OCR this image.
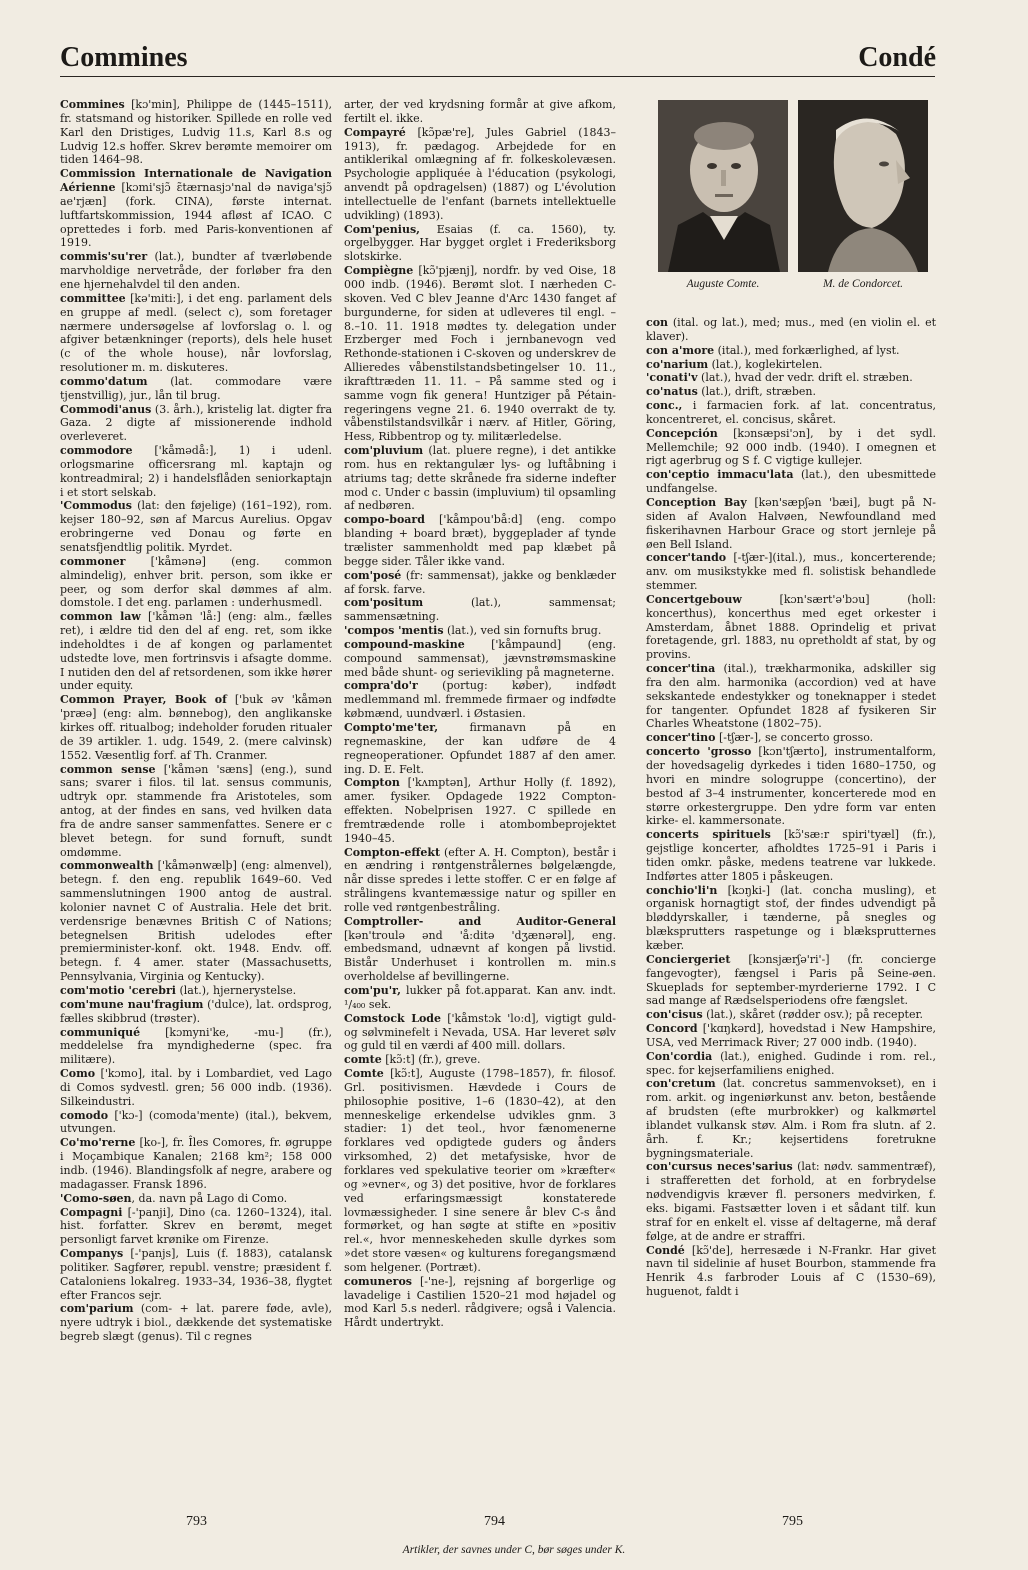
Commines	Condé

Commines [kɔ'min], Philippe de (1445–1511), fr. statsmand og historiker. Spillede en rolle ved Karl den Dristiges, Ludvig 11.s, Karl 8.s og Ludvig 12.s hoffer. Skrev berømte memoirer om tiden 1464–98.

Commission Internationale de Navigation Aérienne [kɔmi'sjɔ̃ ɛ̃tærnasjɔ'nal də naviga'sjɔ̃ ae'rjæn] (fork. CINA), første internat. luftfartskommission, 1944 afløst af ICAO. C oprettedes i forb. med Paris-konventionen af 1919.

commis'su'rer (lat.), bundter af tværløbende marvholdige nervetråde, der forløber fra den ene hjernehalvdel til den anden.

committee [kə'miti:], i det eng. parlament dels en gruppe af medl. (select c), som foretager nærmere undersøgelse af lovforslag o. l. og afgiver betænkninger (reports), dels hele huset (c of the whole house), når lovforslag, resolutioner m. m. diskuteres.

commo'datum (lat. commodare være tjenstvillig), jur., lån til brug.

Commodi'anus (3. årh.), kristelig lat. digter fra Gaza. 2 digte af missionerende indhold overleveret.

commodore ['kåmədå:], 1) i udenl. orlogsmarine officersrang ml. kaptajn og kontreadmiral; 2) i handelsflåden seniorkaptajn i et stort selskab.

'Commodus (lat: den føjelige) (161–192), rom. kejser 180–92, søn af Marcus Aurelius. Opgav erobringerne ved Donau og førte en senatsfjendtlig politik. Myrdet.

commoner ['kåmənə] (eng. common almindelig), enhver brit. person, som ikke er peer, og som derfor skal dømmes af alm. domstole. I det eng. parlamen : underhusmedl.

common law ['kåmən 'lå:] (eng: alm., fælles ret), i ældre tid den del af eng. ret, som ikke indeholdtes i de af kongen og parlamentet udstedte love, men fortrinsvis i afsagte domme. I nutiden den del af retsordenen, som ikke hører under equity.

Common Prayer, Book of ['buk əv 'kåmən 'præə] (eng: alm. bønnebog), den anglikanske kirkes off. ritualbog; indeholder foruden ritualer de 39 artikler. 1. udg. 1549, 2. (mere calvinsk) 1552. Væsentlig forf. af Th. Cranmer.

common sense ['kåmən 'sæns] (eng.), sund sans; svarer i filos. til lat. sensus communis, udtryk opr. stammende fra Aristoteles, som antog, at der findes en sans, ved hvilken data fra de andre sanser sammenfattes. Senere er c blevet betegn. for sund fornuft, sundt omdømme.

commonwealth ['kåmənwælþ] (eng: almenvel), betegn. f. den eng. republik 1649–60. Ved sammenslutningen 1900 antog de austral. kolonier navnet C of Australia. Hele det brit. verdensrige benævnes British C of Nations; betegnelsen British udelodes efter premierminister-konf. okt. 1948. Endv. off. betegn. f. 4 amer. stater (Massachusetts, Pennsylvania, Virginia og Kentucky).

com'motio 'cerebri (lat.), hjernerystelse.

com'mune nau'fragium ('dulce), lat. ordsprog, fælles skibbrud (trøster).

communiqué [kɔmyni'ke, -mu-] (fr.), meddelelse fra myndighederne (spec. fra militære).

Como ['kɔmo], ital. by i Lombardiet, ved Lago di Comos sydvestl. gren; 56 000 indb. (1936). Silkeindustri.

comodo ['kɔ-] (comoda'mente) (ital.), bekvem, utvungen.

Co'mo'rerne [ko-], fr. Îles Comores, fr. øgruppe i Moçambique Kanalen; 2168 km²; 158 000 indb. (1946). Blandingsfolk af negre, arabere og madagasser. Fransk 1896.

'Como-søen, da. navn på Lago di Como.

Compagni [-'panji], Dino (ca. 1260–1324), ital. hist. forfatter. Skrev en berømt, meget personligt farvet krønike om Firenze.

Companys [-'panjs], Luis (f. 1883), catalansk politiker. Sagfører, republ. venstre; præsident f. Cataloniens lokalreg. 1933–34, 1936–38, flygtet efter Francos sejr.

com'parium (com- + lat. parere føde, avle), nyere udtryk i biol., dækkende det systematiske begreb slægt (genus). Til c regnes

arter, der ved krydsning formår at give afkom, fertilt el. ikke.

Compayré [kɔ̃pæ're], Jules Gabriel (1843–1913), fr. pædagog. Arbejdede for en antiklerikal omlægning af fr. folkeskolevæsen. Psychologie appliquée à l'éducation (psykologi, anvendt på opdragelsen) (1887) og L'évolution intellectuelle de l'enfant (barnets intellektuelle udvikling) (1893).

Com'penius, Esaias (f. ca. 1560), ty. orgelbygger. Har bygget orglet i Frederiksborg slotskirke.

Compiègne [kɔ̃'pjænj], nordfr. by ved Oise, 18 000 indb. (1946). Berømt slot. I nærheden C-skoven. Ved C blev Jeanne d'Arc 1430 fanget af burgunderne, for siden at udleveres til engl. – 8.–10. 11. 1918 mødtes ty. delegation under Erzberger med Foch i jernbanevogn ved Rethonde-stationen i C-skoven og underskrev de Allieredes våbenstilstandsbetingelser 10. 11., ikrafttræden 11. 11. – På samme sted og i samme vogn fik genera! Huntziger på Pétain-regeringens vegne 21. 6. 1940 overrakt de ty. våbenstilstandsvilkår i nærv. af Hitler, Göring, Hess, Ribbentrop og ty. militærledelse.

com'pluvium (lat. pluere regne), i det antikke rom. hus en rektangulær lys- og luftåbning i atriums tag; dette skrånede fra siderne indefter mod c. Under c bassin (impluvium) til opsamling af nedbøren.

compo-board ['kåmpou'bå:d] (eng. compo blanding + board bræt), byggeplader af tynde trælister sammenholdt med pap klæbet på begge sider. Tåler ikke vand.

com'posé (fr: sammensat), jakke og benklæder af forsk. farve.

com'positum (lat.), sammensat; sammensætning.

'compos 'mentis (lat.), ved sin fornufts brug.

compound-maskine ['kåmpaund] (eng. compound sammensat), jævnstrømsmaskine med både shunt- og serievikling på magneterne.

compra'do'r (portug: køber), indfødt medlemmand ml. fremmede firmaer og indfødte købmænd, uundværl. i Østasien.

Compto'me'ter, firmanavn på en regnemaskine, der kan udføre de 4 regneoperationer. Opfundet 1887 af den amer. ing. D. E. Felt.

Compton ['kʌmptən], Arthur Holly (f. 1892), amer. fysiker. Opdagede 1922 Compton-effekten. Nobelprisen 1927. C spillede en fremtrædende rolle i atombombeprojektet 1940–45.

Compton-effekt (efter A. H. Compton), består i en ændring i røntgenstrålernes bølgelængde, når disse spredes i lette stoffer. C er en følge af strålingens kvantemæssige natur og spiller en rolle ved røntgenbestråling.

Comptroller- and Auditor-General [kən'troulə ənd 'å:ditə 'dʒænərəl], eng. embedsmand, udnævnt af kongen på livstid. Bistår Underhuset i kontrollen m. min.s overholdelse af bevillingerne.

com'pu'r, lukker på fot.apparat. Kan anv. indt. ¹/₄₀₀ sek.

Comstock Lode ['kåmstɔk 'lo:d], vigtigt guld- og sølvminefelt i Nevada, USA. Har leveret sølv og guld til en værdi af 400 mill. dollars.

comte [kɔ̃:t] (fr.), greve.

Comte [kɔ̃:t], Auguste (1798–1857), fr. filosof. Grl. positivismen. Hævdede i Cours de philosophie positive, 1–6 (1830–42), at den menneskelige erkendelse udvikles gnm. 3 stadier: 1) det teol., hvor fænomenerne forklares ved opdigtede guders og ånders virksomhed, 2) det metafysiske, hvor de forklares ved spekulative teorier om »kræfter« og »evner«, og 3) det positive, hvor de forklares ved erfaringsmæssigt konstaterede lovmæssigheder. I sine senere år blev C-s ånd formørket, og han søgte at stifte en »positiv rel.«, hvor menneskeheden skulle dyrkes som »det store væsen« og kulturens foregangsmænd som helgener. (Portræt).

comuneros [-'ne-], rejsning af borgerlige og lavadelige i Castilien 1520–21 mod højadel og mod Karl 5.s nederl. rådgivere; også i Valencia. Hårdt undertrykt.

Auguste Comte.	M. de Condorcet.

con (ital. og lat.), med; mus., med (en violin el. et klaver).

con a'more (ital.), med forkærlighed, af lyst.

co'narium (lat.), koglekirtelen.

'conati'v (lat.), hvad der vedr. drift el. stræben.

co'natus (lat.), drift, stræben.

conc., i farmacien fork. af lat. concentratus, koncentreret, el. concisus, skåret.

Concepción [kɔnsæpsi'ɔn], by i det sydl. Mellemchile; 92 000 indb. (1940). I omegnen et rigt agerbrug og S f. C vigtige kullejer.

con'ceptio immacu'lata (lat.), den ubesmittede undfangelse.

Conception Bay [kən'sæpʃən 'bæi], bugt på N-siden af Avalon Halvøen, Newfoundland med fiskerihavnen Harbour Grace og stort jernleje på øen Bell Island.

concer'tando [-tʃær-](ital.), mus., koncerterende; anv. om musikstykke med fl. solistisk behandlede stemmer.

Concertgebouw [kɔn'sært'ə'bɔu] (holl: koncerthus), koncerthus med eget orkester i Amsterdam, åbnet 1888. Oprindelig et privat foretagende, grl. 1883, nu opretholdt af stat, by og provins.

concer'tina (ital.), trækharmonika, adskiller sig fra den alm. harmonika (accordion) ved at have sekskantede endestykker og toneknapper i stedet for tangenter. Opfundet 1828 af fysikeren Sir Charles Wheatstone (1802–75).

concer'tino [-tʃær-], se concerto grosso.

concerto 'grosso [kɔn'tʃærto], instrumentalform, der hovedsagelig dyrkedes i tiden 1680–1750, og hvori en mindre sologruppe (concertino), der bestod af 3–4 instrumenter, koncerterede mod en større orkestergruppe. Den ydre form var enten kirke- el. kammersonate.

concerts spirituels [kɔ̃'sæ:r spiri'tyæl] (fr.), gejstlige koncerter, afholdtes 1725–91 i Paris i tiden omkr. påske, medens teatrene var lukkede. Indførtes atter 1805 i påskeugen.

conchio'li'n [kɔŋki-] (lat. concha musling), et organisk hornagtigt stof, der findes udvendigt på bløddyrskaller, i tænderne, på snegles og blæksprutters raspetunge og i blæksprutternes kæber.

Conciergeriet [kɔnsjærʃə'ri'-] (fr. concierge fangevogter), fængsel i Paris på Seine-øen. Skueplads for september-myrderierne 1792. I C sad mange af Rædselsperiodens ofre fængslet.

con'cisus (lat.), skåret (rødder osv.); på recepter.

Concord ['kɑŋkərd], hovedstad i New Hampshire, USA, ved Merrimack River; 27 000 indb. (1940).

Con'cordia (lat.), enighed. Gudinde i rom. rel., spec. for kejserfamiliens enighed.

con'cretum (lat. concretus sammenvokset), en i rom. arkit. og ingeniørkunst anv. beton, bestående af brudsten (efte murbrokker) og kalkmørtel iblandet vulkansk støv. Alm. i Rom fra slutn. af 2. årh. f. Kr.; kejsertidens foretrukne bygningsmateriale.

con'cursus neces'sarius (lat: nødv. sammentræf), i strafferetten det forhold, at en forbrydelse nødvendigvis kræver fl. personers medvirken, f. eks. bigami. Fastsætter loven i et sådant tilf. kun straf for en enkelt el. visse af deltagerne, må deraf følge, at de andre er straffri.

Condé [kɔ̃'de], herresæde i N-Frankr. Har givet navn til sidelinie af huset Bourbon, stammende fra Henrik 4.s farbroder Louis af C (1530–69), huguenot, faldt i

793	794	795
Artikler, der savnes under C, bør søges under K.
